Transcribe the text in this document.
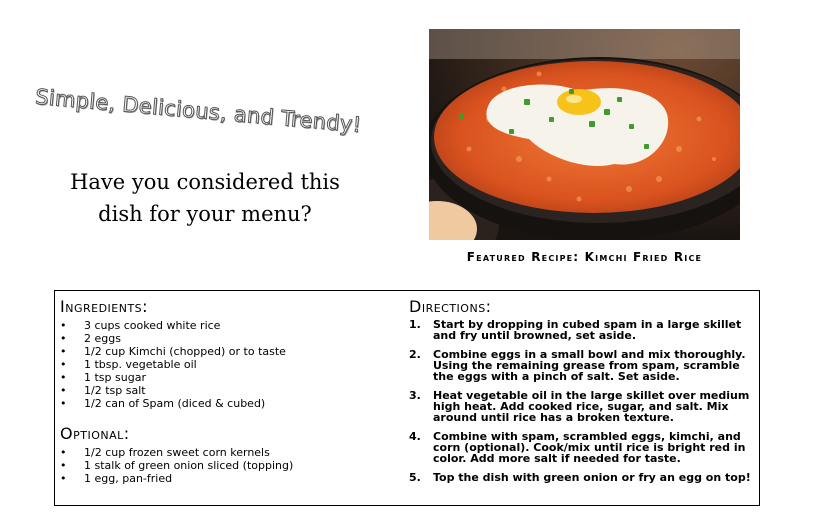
Simple, Delicious, and Trendy!
Have you considered this dish for your menu?
Featured Recipe: Kimchi Fried Rice
Ingredients:
• 3 cups cooked white rice
• 2 eggs
• 1/2 cup Kimchi (chopped) or to taste
• 1 tbsp. vegetable oil
• 1 tsp sugar
• 1/2 tsp salt
• 1/2 can of Spam (diced & cubed)
Optional:
• 1/2 cup frozen sweet corn kernels
• 1 stalk of green onion sliced (topping)
• 1 egg, pan-fried
Directions:
1. Start by dropping in cubed spam in a large skillet and fry until browned, set aside.
2. Combine eggs in a small bowl and mix thoroughly. Using the remaining grease from spam, scramble the eggs with a pinch of salt. Set aside.
3. Heat vegetable oil in the large skillet over medium high heat. Add cooked rice, sugar, and salt. Mix around until rice has a broken texture.
4. Combine with spam, scrambled eggs, kimchi, and corn (optional). Cook/mix until rice is bright red in color. Add more salt if needed for taste.
5. Top the dish with green onion or fry an egg on top!
